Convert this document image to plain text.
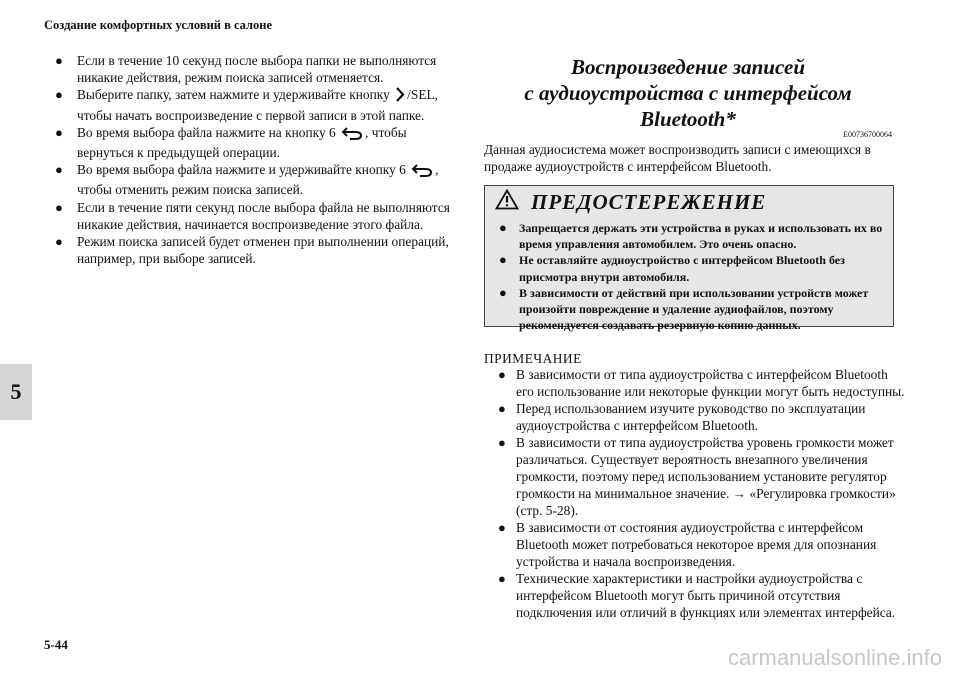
Создание комфортных условий в салоне
5
5-44
●	Если в течение 10 секунд после выбора папки не выполняются никакие действия, режим поиска записей отменяется.
●	Выберите папку, затем нажмите и удерживайте кнопку /SEL, чтобы начать воспроизведение с первой записи в этой папке.
●	Во время выбора файла нажмите на кнопку 6 , чтобы вернуться к предыдущей операции.
●	Во время выбора файла нажмите и удерживайте кнопку 6 , чтобы отменить режим поиска записей.
●	Если в течение пяти секунд после выбора файла не выполняются никакие действия, начинается воспроизведение этого файла.
●	Режим поиска записей будет отменен при выполнении операций, например, при выборе записей.
Воспроизведение записей
с аудиоустройства с интерфейсом
Bluetooth*
E00736700064
Данная аудиосистема может воспроизводить записи с имеющихся в продаже аудиоустройств с интерфейсом Bluetooth.
ПРЕДОСТЕРЕЖЕНИЕ
●	Запрещается держать эти устройства в руках и использовать их во время управления автомобилем. Это очень опасно.
●	Не оставляйте аудиоустройство с интерфейсом Bluetooth без присмотра внутри автомобиля.
●	В зависимости от действий при использовании устройств может произойти повреждение и удаление аудиофайлов, поэтому рекомендуется создавать резервную копию данных.
ПРИМЕЧАНИЕ
● В зависимости от типа аудиоустройства с интерфейсом Bluetooth его использование или некоторые функции могут быть недоступны.
● Перед использованием изучите руководство по эксплуатации аудиоустройства с интерфейсом Bluetooth.
● В зависимости от типа аудиоустройства уровень громкости может различаться. Существует вероятность внезапного увеличения громкости, поэтому перед использованием установите регулятор громкости на минимальное значение. → «Регулировка громкости» (стр. 5-28).
● В зависимости от состояния аудиоустройства с интерфейсом Bluetooth может потребоваться некоторое время для опознания устройства и начала воспроизведения.
● Технические характеристики и настройки аудиоустройства с интерфейсом Bluetooth могут быть причиной отсутствия подключения или отличий в функциях или элементах интерфейса.
carmanualsonline.info
